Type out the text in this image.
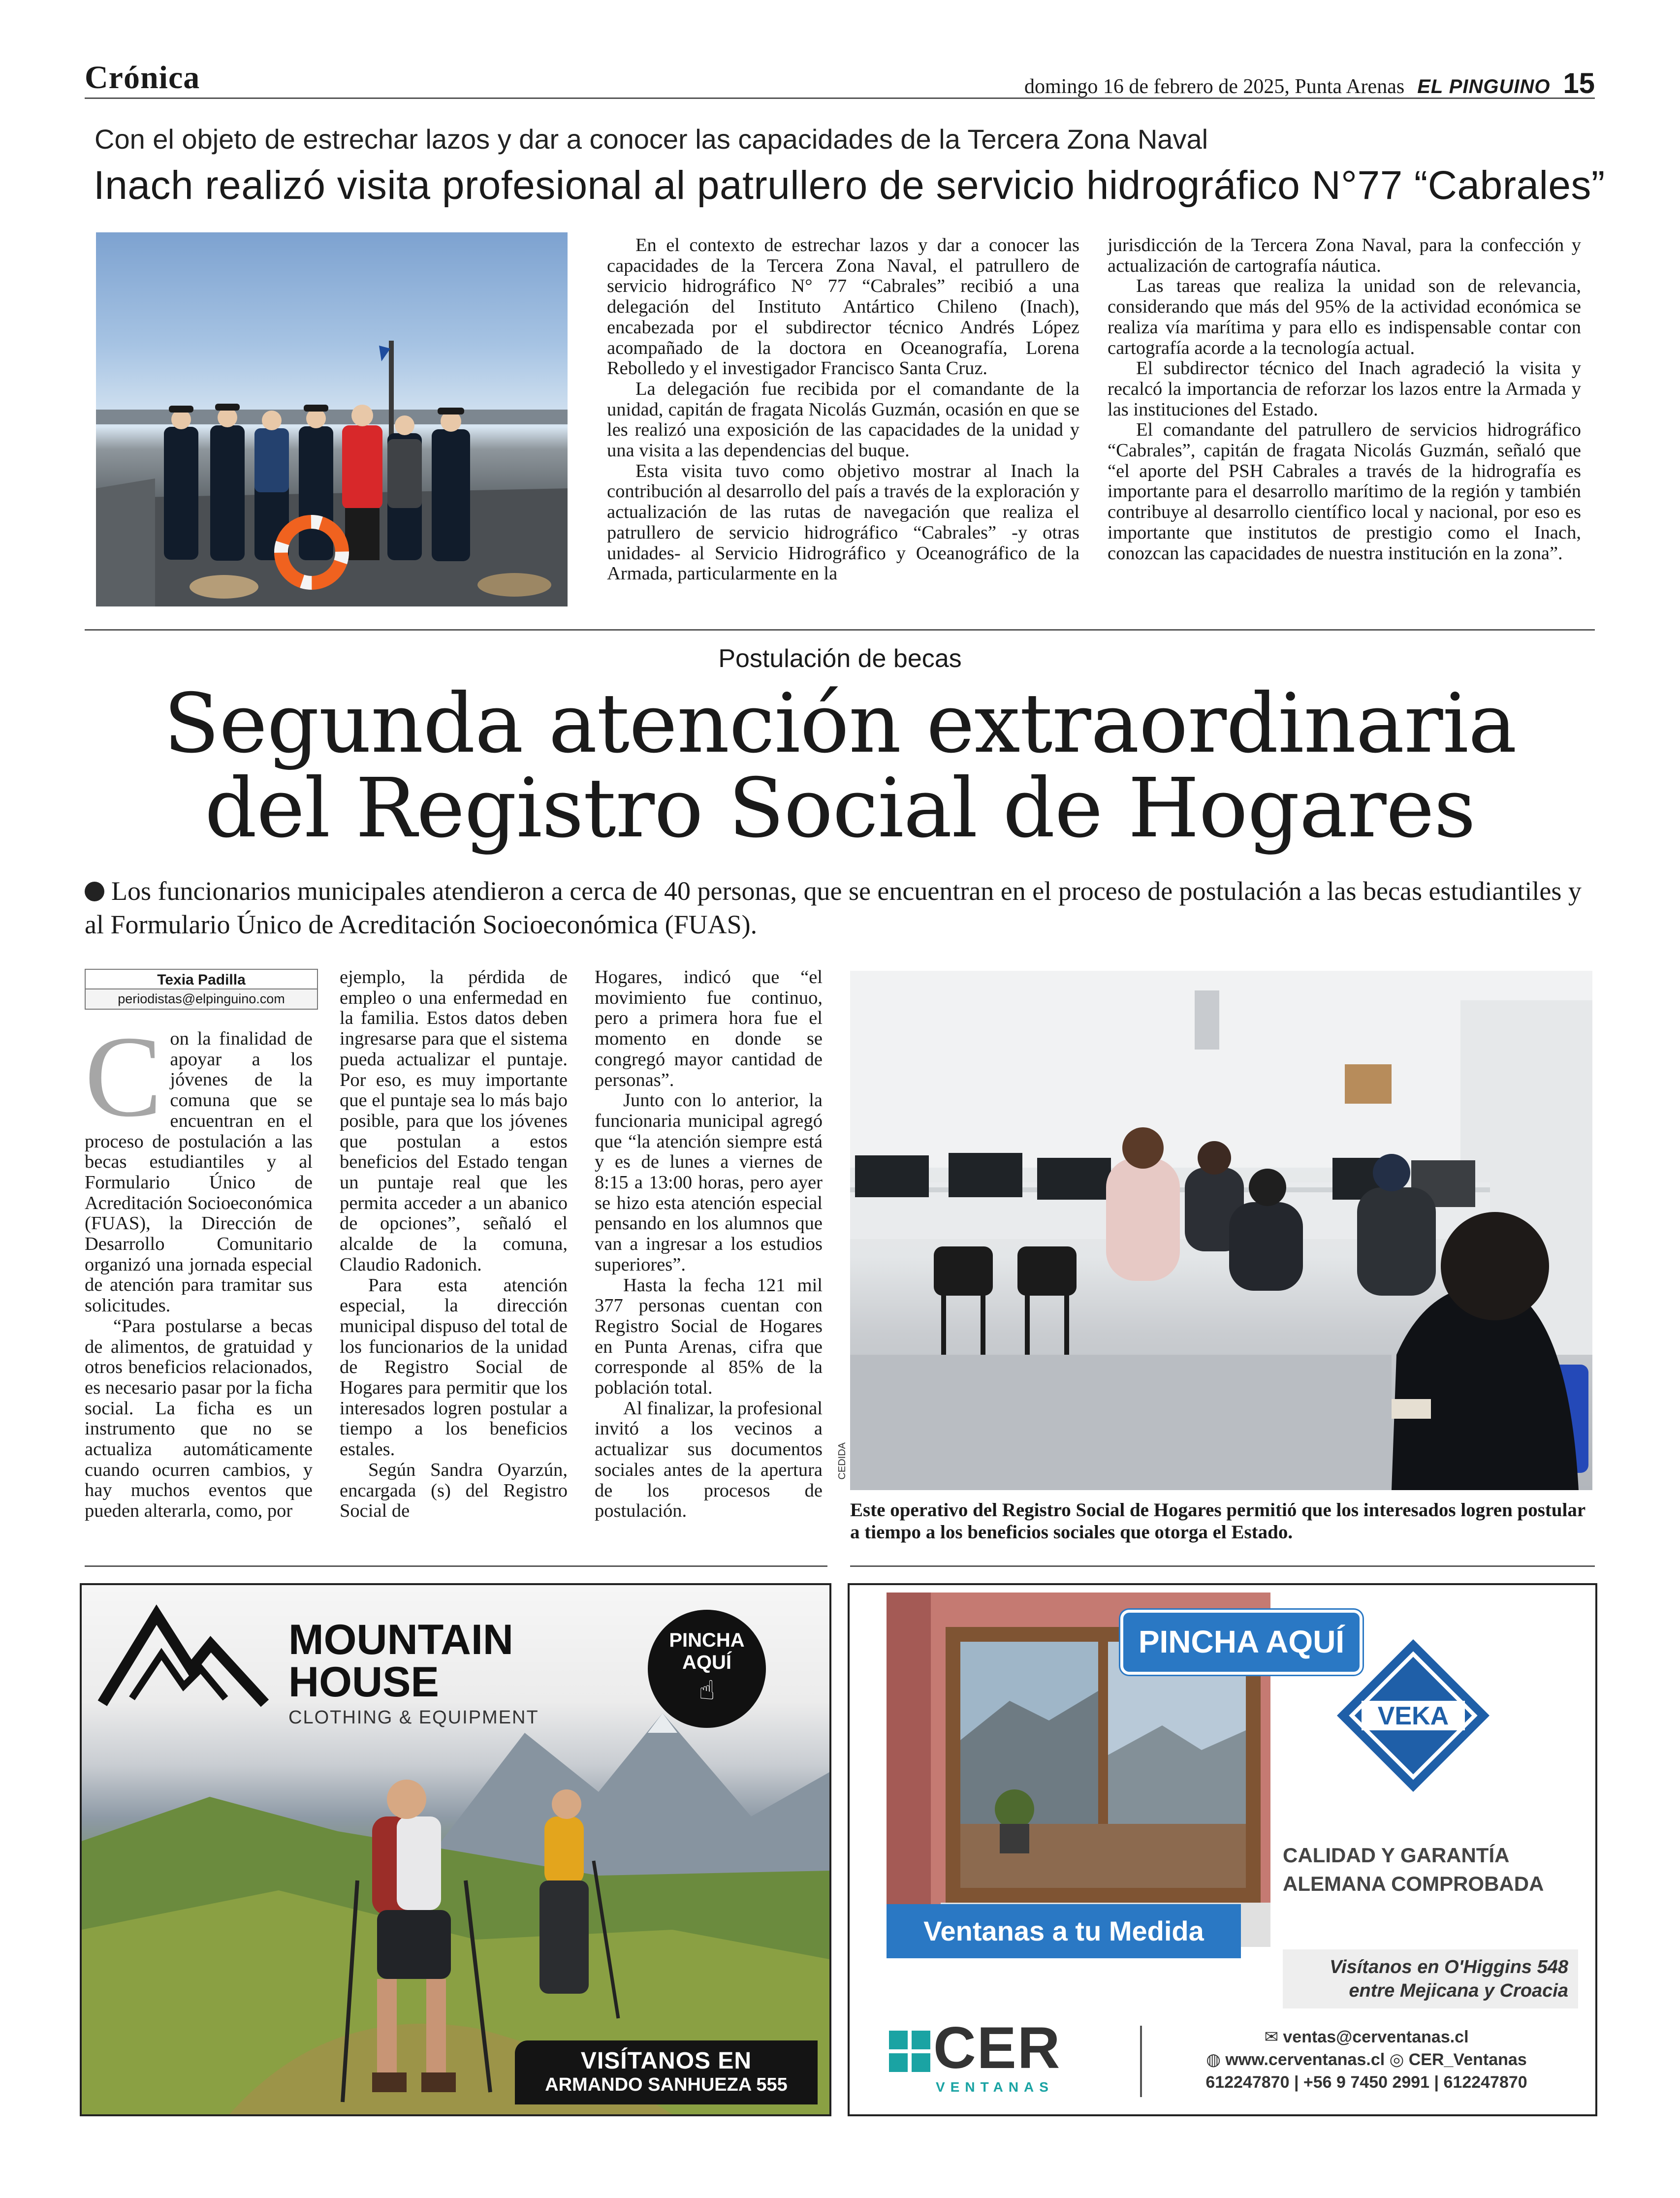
Crónica	domingo 16 de febrero de 2025, Punta Arenas EL PINGUINO 15
Con el objeto de estrechar lazos y dar a conocer las capacidades de la Tercera Zona Naval
Inach realizó visita profesional al patrullero de servicio hidrográfico N°77 “Cabrales”

En el contexto de estrechar lazos y dar a conocer las capacidades de la Tercera Zona Naval, el patrullero de servicio hidrográfico N° 77 “Cabrales” recibió a una delegación del Instituto Antártico Chileno (Inach), encabezada por el subdirector técnico Andrés López acompañado de la doctora en Oceanografía, Lorena Rebolledo y el investigador Francisco Santa Cruz.

La delegación fue recibida por el comandante de la unidad, capitán de fragata Nicolás Guzmán, ocasión en que se les realizó una exposición de las capacidades de la unidad y una visita a las dependencias del buque.

Esta visita tuvo como objetivo mostrar al Inach la contribución al desarrollo del país a través de la exploración y actualización de las rutas de navegación que realiza el patrullero de servicio hidrográfico “Cabrales” -y otras unidades- al Servicio Hidrográfico y Oceanográfico de la Armada, particularmente en la

jurisdicción de la Tercera Zona Naval, para la confección y actualización de cartografía náutica.

Las tareas que realiza la unidad son de relevancia, considerando que más del 95% de la actividad económica se realiza vía marítima y para ello es indispensable contar con cartografía acorde a la tecnología actual.

El subdirector técnico del Inach agradeció la visita y recalcó la importancia de reforzar los lazos entre la Armada y las instituciones del Estado.

El comandante del patrullero de servicios hidrográfico “Cabrales”, capitán de fragata Nicolás Guzmán, señaló que “el aporte del PSH Cabrales a través de la hidrografía es importante para el desarrollo marítimo de la región y también contribuye al desarrollo científico local y nacional, por eso es importante que institutos de prestigio como el Inach, conozcan las capacidades de nuestra institución en la zona”.

Postulación de becas
Segunda atención extraordinaria
del Registro Social de Hogares
Los funcionarios municipales atendieron a cerca de 40 personas, que se encuentran en el proceso de postulación a las becas estudiantiles y al Formulario Único de Acreditación Socioeconómica (FUAS).
Texia Padilla
periodistas@elpinguino.com

Con la finalidad de apoyar a los jóvenes de la comuna que se encuentran en el proceso de postulación a las becas estudiantiles y al Formulario Único de Acreditación Socioeconómica (FUAS), la Dirección de Desarrollo Comunitario organizó una jornada especial de atención para tramitar sus solicitudes.

“Para postularse a becas de alimentos, de gratuidad y otros beneficios relacionados, es necesario pasar por la ficha social. La ficha es un instrumento que no se actualiza automáticamente cuando ocurren cambios, y hay muchos eventos que pueden alterarla, como, por

ejemplo, la pérdida de empleo o una enfermedad en la familia. Estos datos deben ingresarse para que el sistema pueda actualizar el puntaje. Por eso, es muy importante que el puntaje sea lo más bajo posible, para que los jóvenes que postulan a estos beneficios del Estado tengan un puntaje real que les permita acceder a un abanico de opciones”, señaló el alcalde de la comuna, Claudio Radonich.

Para esta atención especial, la dirección municipal dispuso del total de los funcionarios de la unidad de Registro Social de Hogares para permitir que los interesados logren postular a tiempo a los beneficios estales.

Según Sandra Oyarzún, encargada (s) del Registro Social de

Hogares, indicó que “el movimiento fue continuo, pero a primera hora fue el momento en donde se congregó mayor cantidad de personas”.

Junto con lo anterior, la funcionaria municipal agregó que “la atención siempre está y es de lunes a viernes de 8:15 a 13:00 horas, pero ayer se hizo esta atención especial pensando en los alumnos que van a ingresar a los estudios superiores”.

Hasta la fecha 121 mil 377 personas cuentan con Registro Social de Hogares en Punta Arenas, cifra que corresponde al 85% de la población total.

Al finalizar, la profesional invitó a los vecinos a actualizar sus documentos sociales antes de la apertura de los procesos de postulación.

CEDIDA
Este operativo del Registro Social de Hogares permitió que los interesados logren postular a tiempo a los beneficios sociales que otorga el Estado.
MOUNTAIN
HOUSE
CLOTHING & EQUIPMENT
PINCHA
AQUÍ
☝
VISÍTANOS EN
ARMANDO SANHUEZA 555
PINCHA AQUÍ
VEKA
CALIDAD Y GARANTÍA
ALEMANA COMPROBADA
Ventanas a tu Medida
Visítanos en O'Higgins 548
entre Mejicana y Croacia
CER
VENTANAS
✉ ventas@cerventanas.cl
◍ www.cerventanas.cl ◎ CER_Ventanas
612247870 | +56 9 7450 2991 | 612247870
